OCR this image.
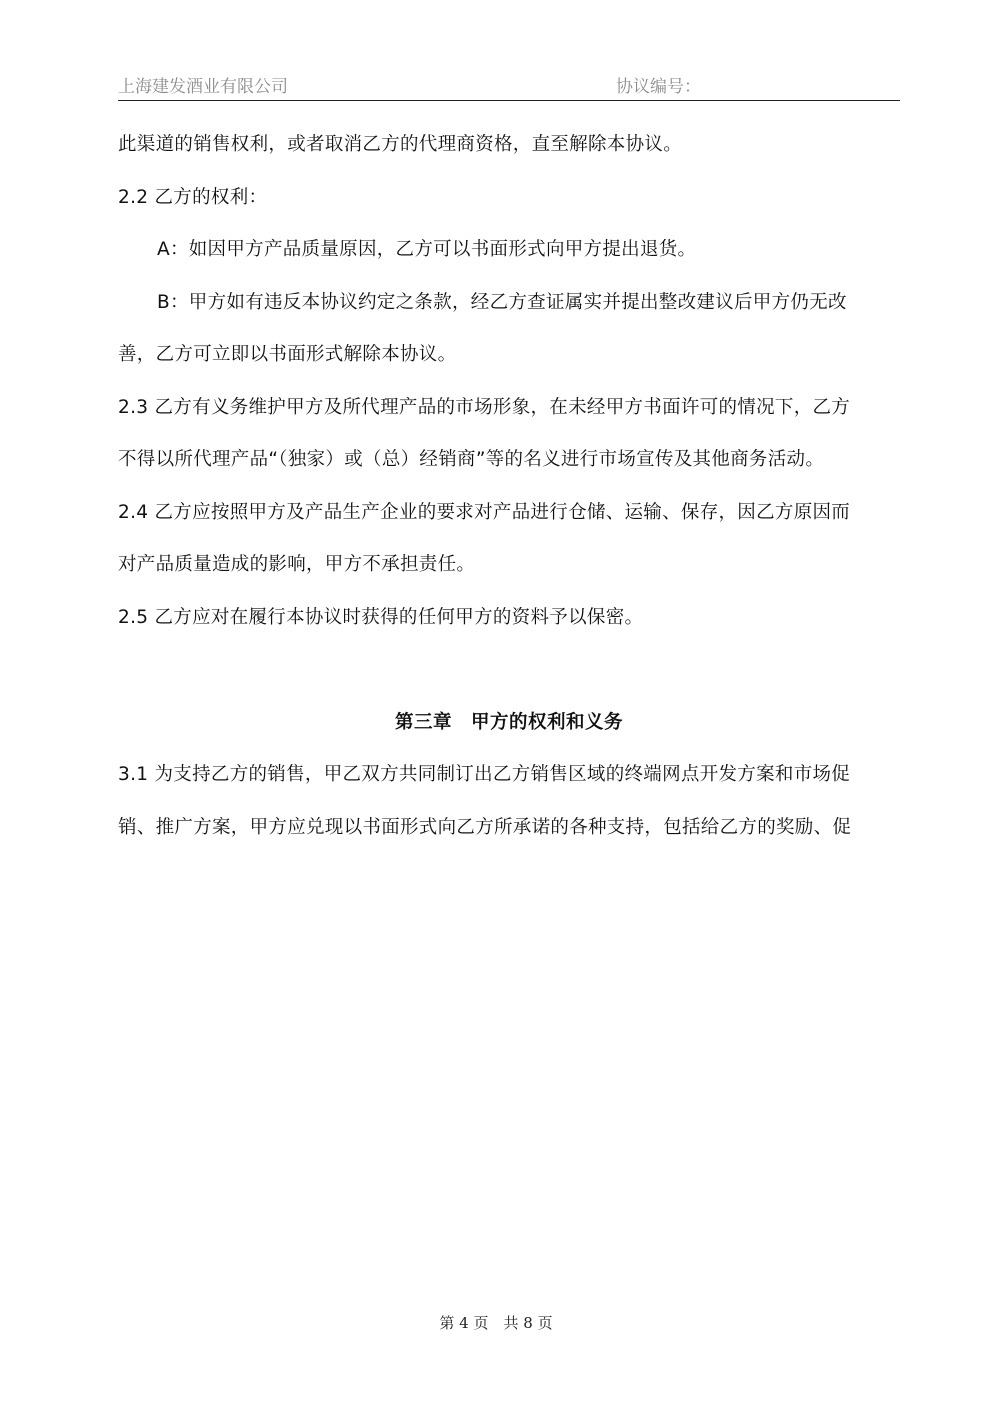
上海建发酒业有限公司	协议编号：
此渠道的销售权利，或者取消乙方的代理商资格，直至解除本协议。
2.2 乙方的权利：
A：如因甲方产品质量原因，乙方可以书面形式向甲方提出退货。
B：甲方如有违反本协议约定之条款，经乙方查证属实并提出整改建议后甲方仍无改
善，乙方可立即以书面形式解除本协议。
2.3 乙方有义务维护甲方及所代理产品的市场形象，在未经甲方书面许可的情况下，乙方
不得以所代理产品“（独家）或（总）经销商”等的名义进行市场宣传及其他商务活动。
2.4 乙方应按照甲方及产品生产企业的要求对产品进行仓储、运输、保存，因乙方原因而
对产品质量造成的影响，甲方不承担责任。
2.5 乙方应对在履行本协议时获得的任何甲方的资料予以保密。
第三章　甲方的权利和义务
3.1 为支持乙方的销售，甲乙双方共同制订出乙方销售区域的终端网点开发方案和市场促
销、推广方案，甲方应兑现以书面形式向乙方所承诺的各种支持，包括给乙方的奖励、促
第 4 页　共 8 页
